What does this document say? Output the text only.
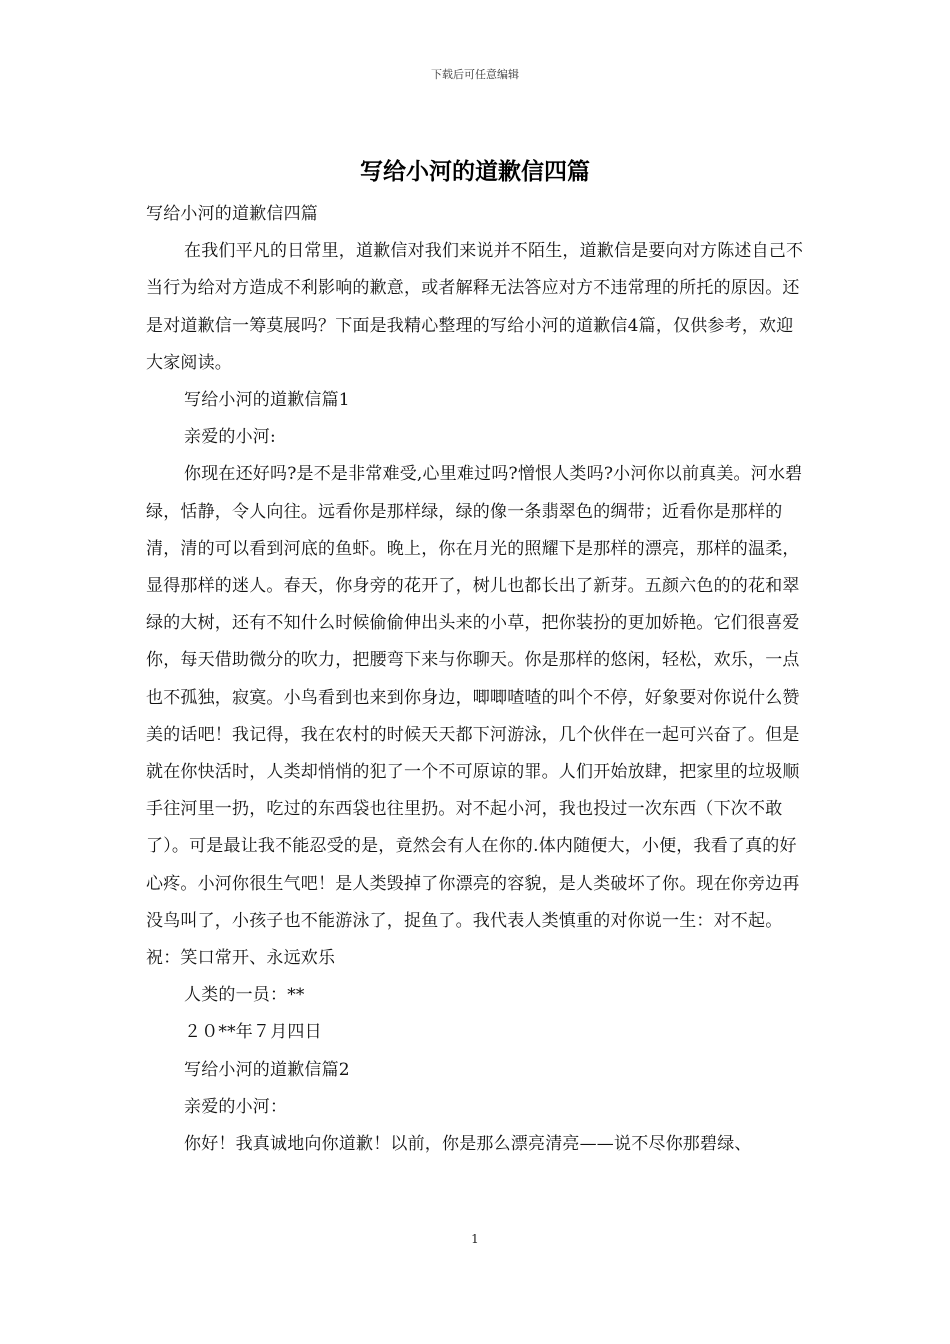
下载后可任意编辑
写给小河的道歉信四篇

写给小河的道歉信四篇

在我们平凡的日常里，道歉信对我们来说并不陌生，道歉信是要向对方陈述自己不当行为给对方造成不利影响的歉意，或者解释无法答应对方不违常理的所托的原因。还是对道歉信一筹莫展吗？下面是我精心整理的写给小河的道歉信4篇，仅供参考，欢迎大家阅读。

写给小河的道歉信篇1

亲爱的小河:

你现在还好吗?是不是非常难受,心里难过吗?憎恨人类吗?小河你以前真美。河水碧绿，恬静，令人向往。远看你是那样绿，绿的像一条翡翠色的绸带；近看你是那样的清，清的可以看到河底的鱼虾。晚上，你在月光的照耀下是那样的漂亮，那样的温柔，显得那样的迷人。春天，你身旁的花开了，树儿也都长出了新芽。五颜六色的的花和翠绿的大树，还有不知什么时候偷偷伸出头来的小草，把你装扮的更加娇艳。它们很喜爱你，每天借助微分的吹力，把腰弯下来与你聊天。你是那样的悠闲，轻松，欢乐，一点也不孤独，寂寞。小鸟看到也来到你身边，唧唧喳喳的叫个不停，好象要对你说什么赞美的话吧！我记得，我在农村的时候天天都下河游泳，几个伙伴在一起可兴奋了。但是就在你快活时，人类却悄悄的犯了一个不可原谅的罪。人们开始放肆，把家里的垃圾顺手往河里一扔，吃过的东西袋也往里扔。对不起小河，我也投过一次东西（下次不敢了）。可是最让我不能忍受的是，竟然会有人在你的.体内随便大，小便，我看了真的好心疼。小河你很生气吧！是人类毁掉了你漂亮的容貌，是人类破坏了你。现在你旁边再没鸟叫了，小孩子也不能游泳了，捉鱼了。我代表人类慎重的对你说一生：对不起。祝：笑口常开、永远欢乐

人类的一员：**

２０**年７月四日

写给小河的道歉信篇2

亲爱的小河：

你好！我真诚地向你道歉！以前，你是那么漂亮清亮——说不尽你那碧绿、

1
